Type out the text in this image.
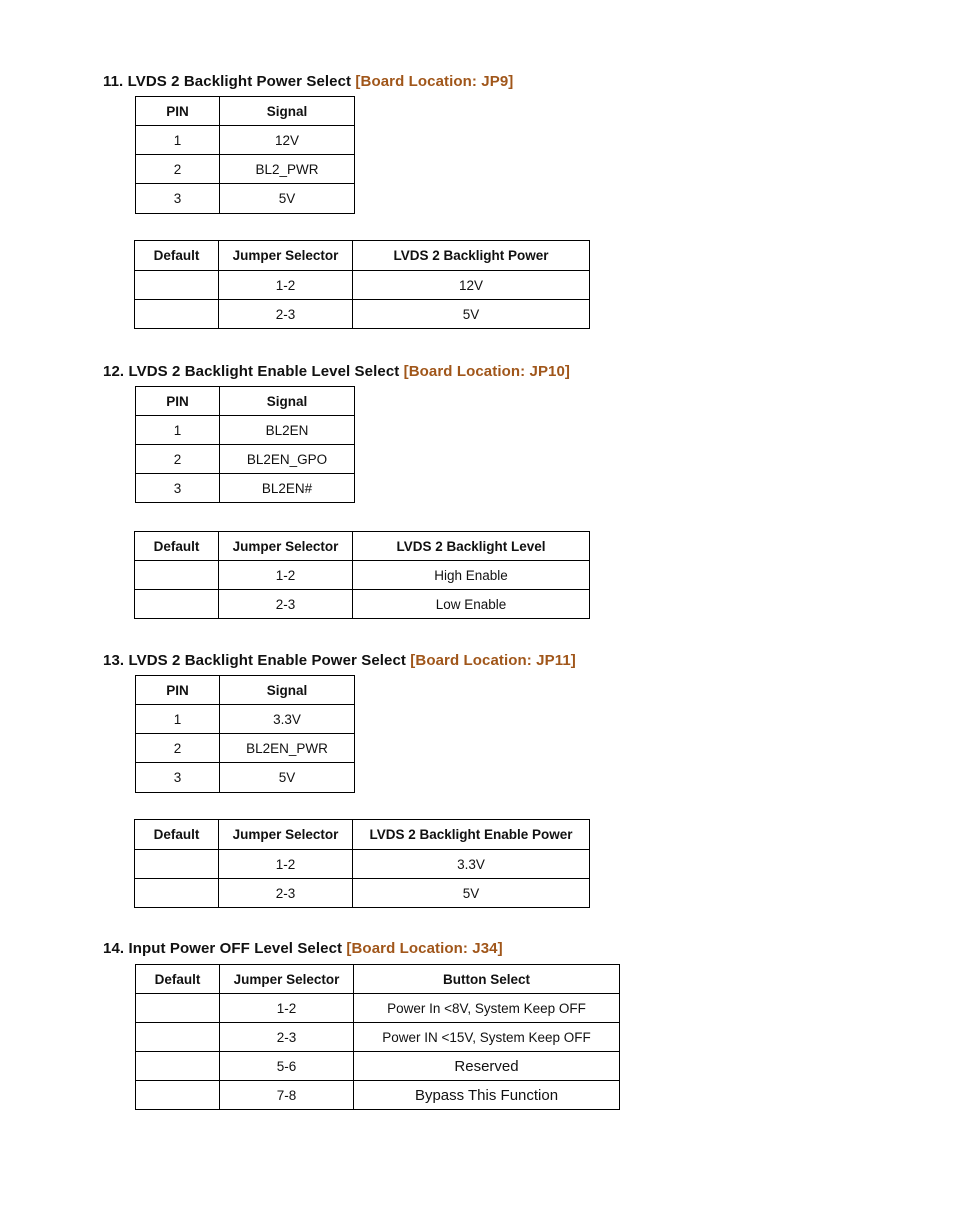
11. LVDS 2 Backlight Power Select [Board Location: JP9]
PIN	Signal
1	12V
2	BL2_PWR
3	5V
Default	Jumper Selector	LVDS 2 Backlight Power
	1-2	12V
	2-3	5V
12. LVDS 2 Backlight Enable Level Select [Board Location: JP10]
PIN	Signal
1	BL2EN
2	BL2EN_GPO
3	BL2EN#
Default	Jumper Selector	LVDS 2 Backlight Level
	1-2	High Enable
	2-3	Low Enable
13. LVDS 2 Backlight Enable Power Select [Board Location: JP11]
PIN	Signal
1	3.3V
2	BL2EN_PWR
3	5V
Default	Jumper Selector	LVDS 2 Backlight Enable Power
	1-2	3.3V
	2-3	5V
14. Input Power OFF Level Select [Board Location: J34]
Default	Jumper Selector	Button Select
	1-2	Power In <8V, System Keep OFF
	2-3	Power IN <15V, System Keep OFF
	5-6	Reserved
	7-8	Bypass This Function
